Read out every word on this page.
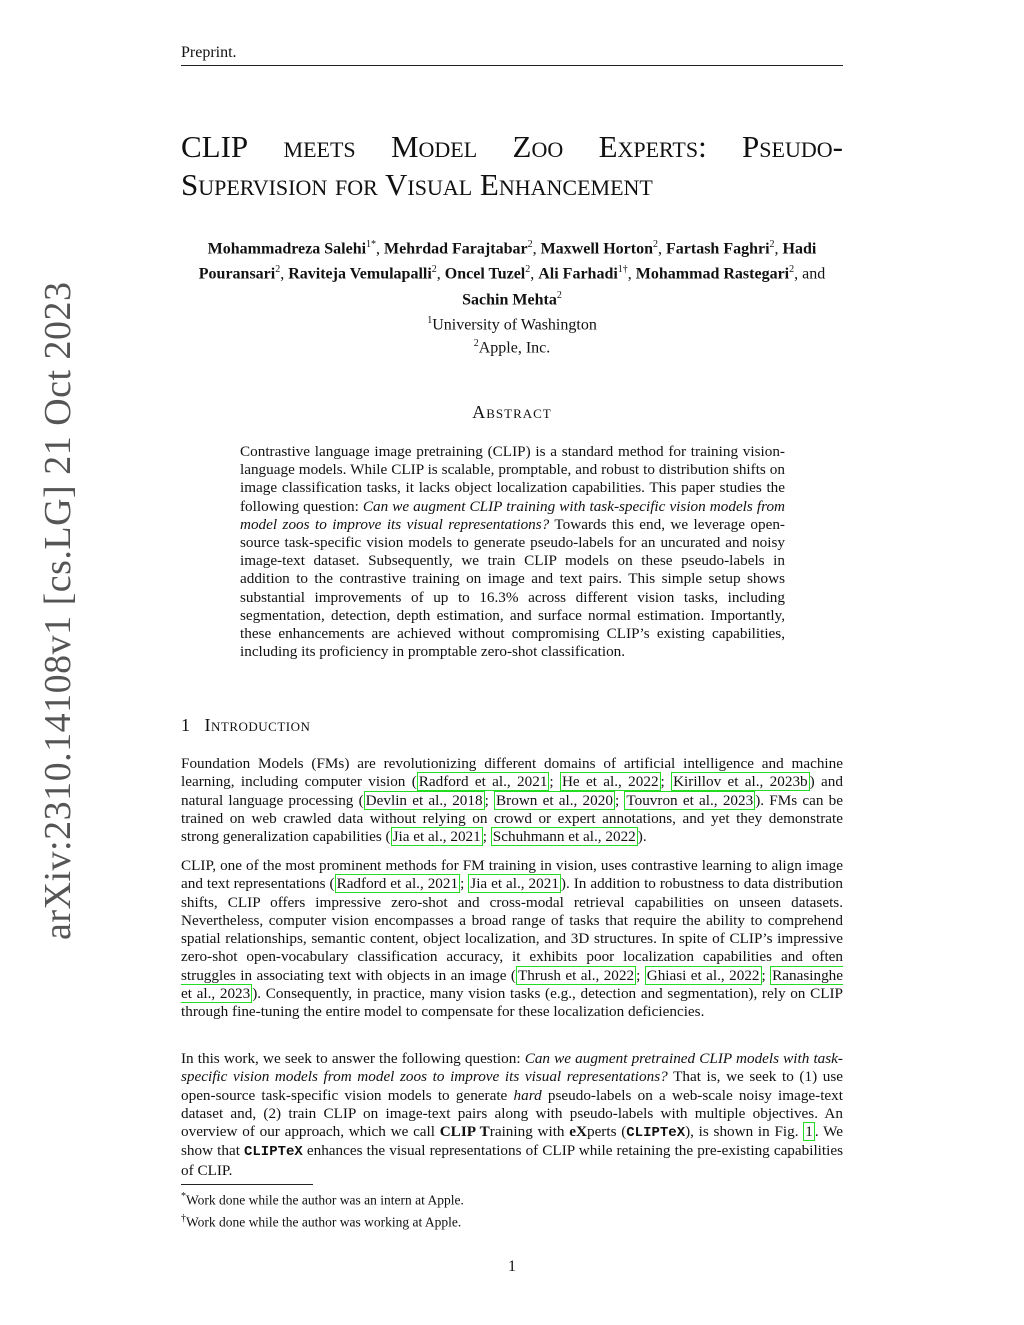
Preprint.
arXiv:2310.14108v1 [cs.LG] 21 Oct 2023
CLIP meets Model Zoo Experts: Pseudo-
Supervision for Visual Enhancement
Mohammadreza Salehi$^{1*}$, Mehrdad Farajtabar$^2$, Maxwell Horton$^2$, Fartash Faghri$^2$, Hadi Pouransari$^2$, Raviteja Vemulapalli$^2$, Oncel Tuzel$^2$, Ali Farhadi$^{1\dagger}$, Mohammad Rastegari$^2$, and
Sachin Mehta$^2$
$^1$University of Washington
$^2$Apple, Inc.
Abstract
Contrastive language image pretraining (CLIP) is a standard method for training vision-language models. While CLIP is scalable, promptable, and robust to distribution shifts on image classification tasks, it lacks object localization capabilities. This paper studies the following question: Can we augment CLIP training with task-specific vision models from model zoos to improve its visual representations? Towards this end, we leverage open-source task-specific vision models to generate pseudo-labels for an uncurated and noisy image-text dataset. Subsequently, we train CLIP models on these pseudo-labels in addition to the contrastive training on image and text pairs. This simple setup shows substantial improvements of up to 16.3% across different vision tasks, including segmentation, detection, depth estimation, and surface normal estimation. Importantly, these enhancements are achieved without compromising CLIP’s existing capabilities, including its proficiency in promptable zero-shot classification.
1 Introduction
Foundation Models (FMs) are revolutionizing different domains of artificial intelligence and machine learning, including computer vision ( Radford et al., 2021 ; He et al., 2022 ; Kirillov et al., 2023b ) and natural language processing ( Devlin et al., 2018 ; Brown et al., 2020 ; Touvron et al., 2023 ). FMs can be trained on web crawled data without relying on crowd or expert annotations, and yet they demonstrate strong generalization capabilities ( Jia et al., 2021 ; Schuhmann et al., 2022 ).
CLIP, one of the most prominent methods for FM training in vision, uses contrastive learning to align image and text representations ( Radford et al., 2021 ; Jia et al., 2021 ). In addition to robustness to data distribution shifts, CLIP offers impressive zero-shot and cross-modal retrieval capabilities on unseen datasets. Nevertheless, computer vision encompasses a broad range of tasks that require the ability to comprehend spatial relationships, semantic content, object localization, and 3D structures. In spite of CLIP’s impressive zero-shot open-vocabulary classification accuracy, it exhibits poor localization capabilities and often struggles in associating text with objects in an image ( Thrush et al., 2022 ; Ghiasi et al., 2022 ; Ranasinghe et al., 2023 ). Consequently, in practice, many vision tasks (e.g., detection and segmentation), rely on CLIP through fine-tuning the entire model to compensate for these localization deficiencies.
In this work, we seek to answer the following question: Can we augment pretrained CLIP models with task-specific vision models from model zoos to improve its visual representations? That is, we seek to (1) use open-source task-specific vision models to generate hard pseudo-labels on a web-scale noisy image-text dataset and, (2) train CLIP on image-text pairs along with pseudo-labels with multiple objectives. An overview of our approach, which we call CLIP Training with eXperts (CLIPTeX), is shown in Fig. 1 . We show that CLIPTeX enhances the visual representations of CLIP while retaining the pre-existing capabilities of CLIP.
*Work done while the author was an intern at Apple.
†Work done while the author was working at Apple.
1
